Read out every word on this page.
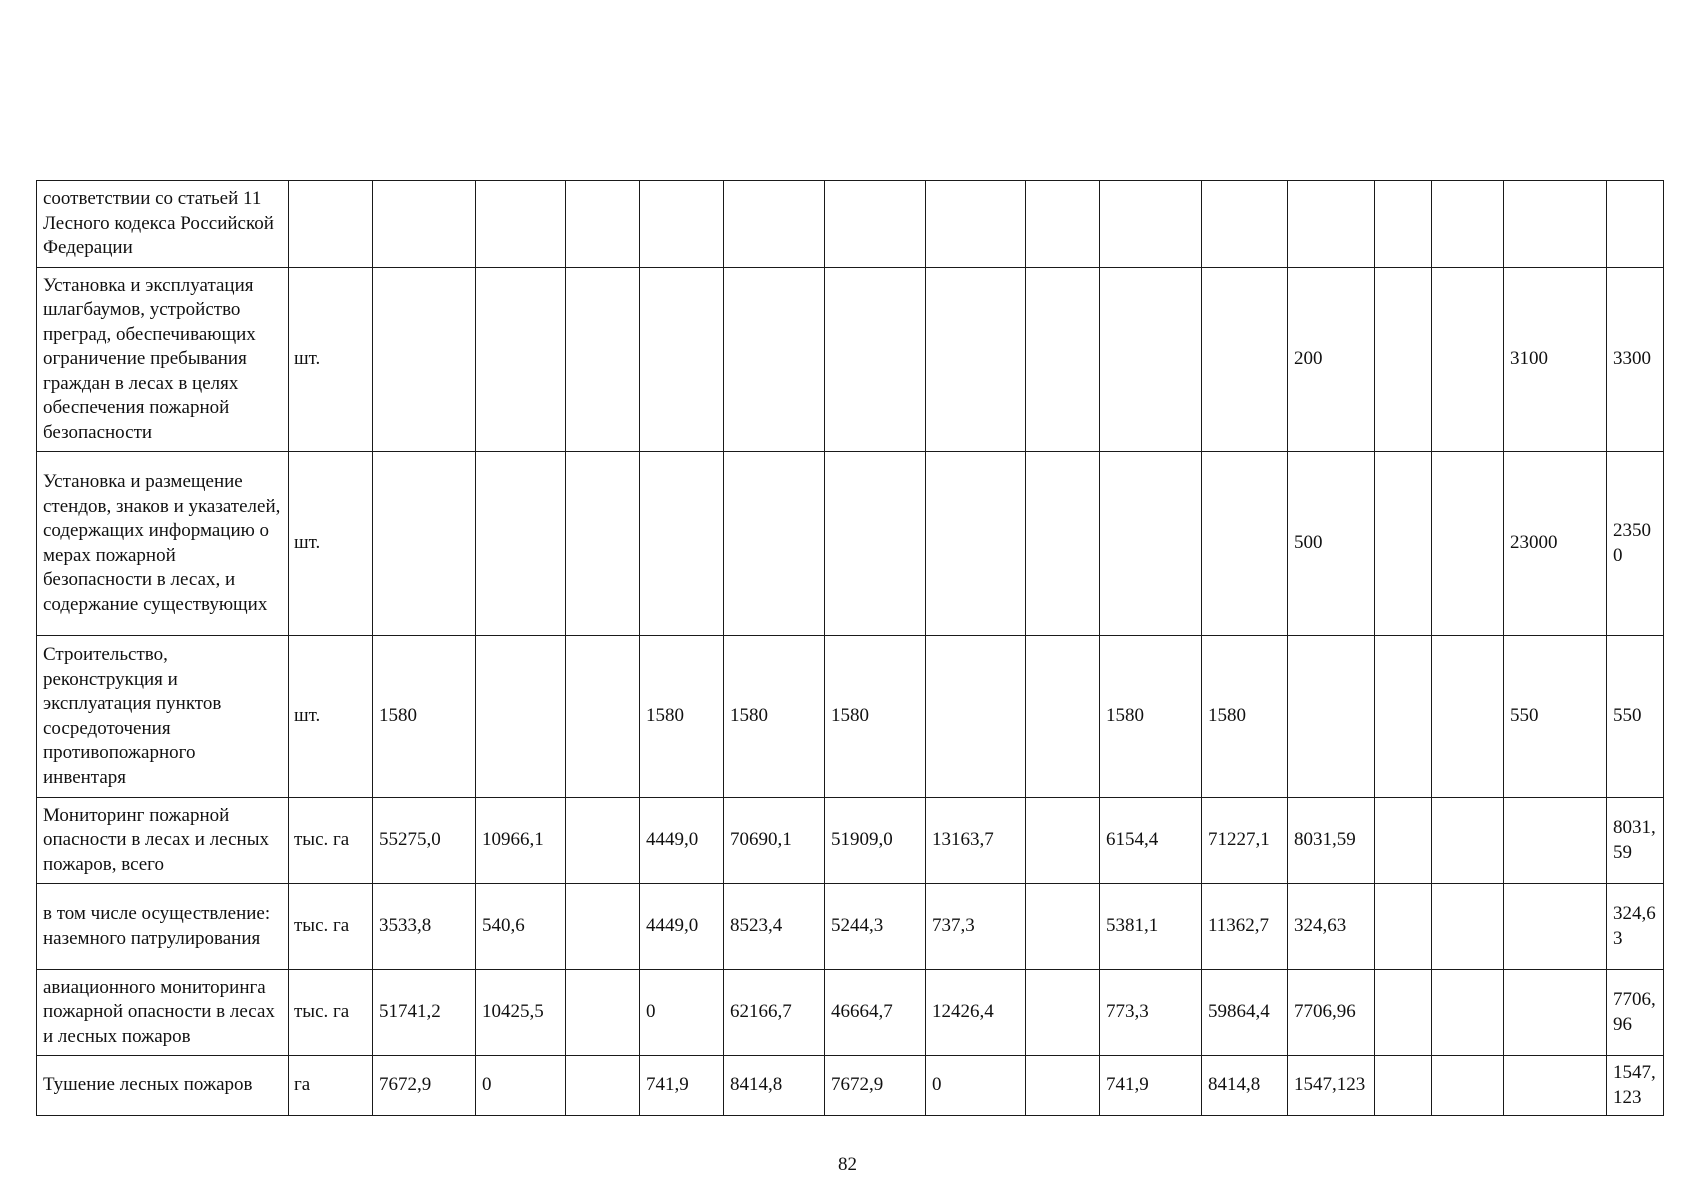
соответствии со статьей 11 Лесного кодекса Российской Федерации																
Установка и эксплуатация шлагбаумов, устройство преград, обеспечивающих ограничение пребывания граждан в лесах в целях обеспечения пожарной безопасности	шт.											200			3100	3300
Установка и размещение стендов, знаков и указателей, содержащих информацию о мерах пожарной безопасности в лесах, и содержание существующих	шт.											500			23000	23500
Строительство, реконструкция и эксплуатация пунктов сосредоточения противопожарного инвентаря	шт.	1580			1580	1580	1580			1580	1580				550	550
Мониторинг пожарной опасности в лесах и лесных пожаров, всего	тыс. га	55275,0	10966,1		4449,0	70690,1	51909,0	13163,7		6154,4	71227,1	8031,59				8031,59
в том числе осуществление: наземного патрулирования	тыс. га	3533,8	540,6		4449,0	8523,4	5244,3	737,3		5381,1	11362,7	324,63				324,63
авиационного мониторинга пожарной опасности в лесах и лесных пожаров	тыс. га	51741,2	10425,5		0	62166,7	46664,7	12426,4		773,3	59864,4	7706,96				7706,96
Тушение лесных пожаров	га	7672,9	0		741,9	8414,8	7672,9	0		741,9	8414,8	1547,123				1547,123
82
